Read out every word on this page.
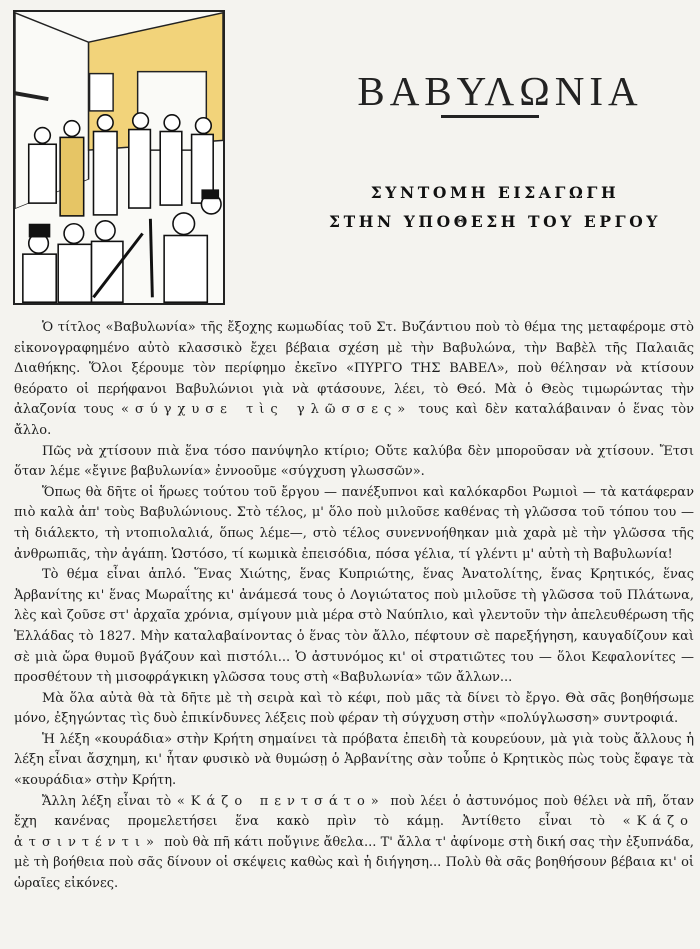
ΒΑΒΥΛΩΝΙΑ
ΣΥΝΤΟΜΗ ΕΙΣΑΓΩΓΗ
ΣΤΗΝ ΥΠΟΘΕΣΗ ΤΟΥ ΕΡΓΟΥ

Ὁ τίτλος «Βαβυλωνία» τῆς ἔξοχης κωμωδίας τοῦ Στ. Βυζάντιου ποὺ τὸ θέμα της μεταφέρομε στὸ εἰκονογραφημένο αὐτὸ κλασσικὸ ἔχει βέβαια σχέση μὲ τὴν Βαβυλώνα, τὴν Βαβὲλ τῆς Παλαιᾶς Διαθήκης. Ὅλοι ξέρουμε τὸν περίφημο ἐκεῖνο «ΠΥΡΓΟ ΤΗΣ ΒΑΒΕΛ», ποὺ θέλησαν νὰ κτίσουν θεόρατο οἱ περήφανοι Βαβυλώνιοι γιὰ νὰ φτάσουνε, λέει, τὸ Θεό. Μὰ ὁ Θεὸς τιμωρώντας τὴν ἀλαζονία τους «σύγχυσε τὶς γλῶσσες» τους καὶ δὲν καταλάβαιναν ὁ ἕνας τὸν ἄλλο.

Πῶς νὰ χτίσουν πιὰ ἕνα τόσο πανύψηλο κτίριο; Οὔτε καλύβα δὲν μποροῦσαν νὰ χτίσουν. Ἔτσι ὅταν λέμε «ἔγινε βαβυλωνία» ἐννοοῦμε «σύγχυση γλωσσῶν».

Ὅπως θὰ δῆτε οἱ ἥρωες τούτου τοῦ ἔργου — πανέξυπνοι καὶ καλόκαρδοι Ρωμιοὶ — τὰ κατάφεραν πιὸ καλὰ ἀπ' τοὺς Βαβυλώνιους. Στὸ τέλος, μ' ὅλο ποὺ μιλοῦσε καθένας τὴ γλῶσσα τοῦ τόπου του — τὴ διάλεκτο, τὴ ντοπιολαλιά, ὅπως λέμε—, στὸ τέλος συνεννοήθηκαν μιὰ χαρὰ μὲ τὴν γλῶσσα τῆς ἀνθρωπιᾶς, τὴν ἀγάπη. Ὡστόσο, τί κωμικὰ ἐπεισόδια, πόσα γέλια, τί γλέντι μ' αὐτὴ τὴ Βαβυλωνία!

Τὸ θέμα εἶναι ἁπλό. Ἕνας Χιώτης, ἕνας Κυπριώτης, ἕνας Ἀνατολίτης, ἕνας Κρητικός, ἕνας Ἀρβανίτης κι' ἕνας Μωραΐτης κι' ἀνάμεσά τους ὁ Λογιώτατος ποὺ μιλοῦσε τὴ γλῶσσα τοῦ Πλάτωνα, λὲς καὶ ζοῦσε στ' ἀρχαῖα χρόνια, σμίγουν μιὰ μέρα στὸ Ναύπλιο, καὶ γλεντοῦν τὴν ἀπελευθέρωση τῆς Ἑλλάδας τὸ 1827. Μὴν καταλαβαίνοντας ὁ ἕνας τὸν ἄλλο, πέφτουν σὲ παρεξήγηση, καυγαδίζουν καὶ σὲ μιὰ ὥρα θυμοῦ βγάζουν καὶ πιστόλι... Ὁ ἀστυνόμος κι' οἱ στρατιῶτες του — ὅλοι Κεφαλονίτες — προσθέτουν τὴ μισοφράγκικη γλῶσσα τους στὴ «Βαβυλωνία» τῶν ἄλλων...

Μὰ ὅλα αὐτὰ θὰ τὰ δῆτε μὲ τὴ σειρὰ καὶ τὸ κέφι, ποὺ μᾶς τὰ δίνει τὸ ἔργο. Θὰ σᾶς βοηθήσωμε μόνο, ἐξηγώντας τὶς δυὸ ἐπικίνδυνες λέξεις ποὺ φέραν τὴ σύγχυση στὴν «πολύγλωσση» συντροφιά.

Ἡ λέξη «κουράδια» στὴν Κρήτη σημαίνει τὰ πρόβατα ἐπειδὴ τὰ κουρεύουν, μὰ γιὰ τοὺς ἄλλους ἡ λέξη εἶναι ἄσχημη, κι' ἦταν φυσικὸ νὰ θυμώσῃ ὁ Ἀρβανίτης σὰν τοὖπε ὁ Κρητικὸς πὼς τοὺς ἔφαγε τὰ «κουράδια» στὴν Κρήτη.

Ἄλλη λέξη εἶναι τὸ «Κάζο πεντσάτο» ποὺ λέει ὁ ἀστυνόμος ποὺ θέλει νὰ πῆ, ὅταν ἔχη κανένας προμελετήσει ἕνα κακὸ πρὶν τὸ κάμῃ. Ἀντίθετο εἶναι τὸ «Κάζο ἀτσιντέντι» ποὺ θὰ πῆ κάτι ποὔγινε ἄθελα... Τ' ἄλλα τ' ἀφίνομε στὴ δική σας τὴν ἐξυπνάδα, μὲ τὴ βοήθεια ποὺ σᾶς δίνουν οἱ σκέψεις καθὼς καὶ ἡ διήγηση... Πολὺ θὰ σᾶς βοηθήσουν βέβαια κι' οἱ ὡραῖες εἰκόνες.
